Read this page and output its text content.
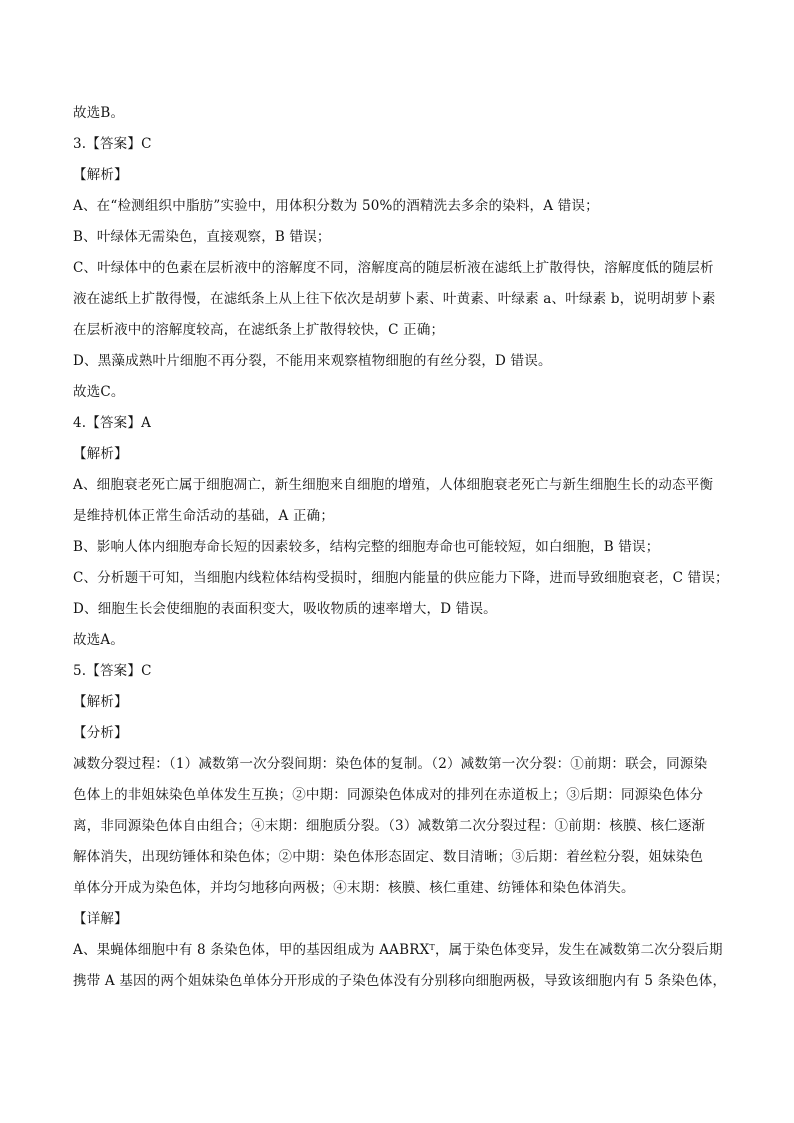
故选B。
3.【答案】C
【解析】
A、在“检测组织中脂肪”实验中，用体积分数为 50%的酒精洗去多余的染料，A 错误；
B、叶绿体无需染色，直接观察，B 错误；
C、叶绿体中的色素在层析液中的溶解度不同，溶解度高的随层析液在滤纸上扩散得快，溶解度低的随层析
液在滤纸上扩散得慢，在滤纸条上从上往下依次是胡萝卜素、叶黄素、叶绿素 a、叶绿素 b，说明胡萝卜素
在层析液中的溶解度较高，在滤纸条上扩散得较快，C 正确；
D、黑藻成熟叶片细胞不再分裂，不能用来观察植物细胞的有丝分裂，D 错误。
故选C。
4.【答案】A
【解析】
A、细胞衰老死亡属于细胞凋亡，新生细胞来自细胞的增殖，人体细胞衰老死亡与新生细胞生长的动态平衡
是维持机体正常生命活动的基础，A 正确；
B、影响人体内细胞寿命长短的因素较多，结构完整的细胞寿命也可能较短，如白细胞，B 错误；
C、分析题干可知，当细胞内线粒体结构受损时，细胞内能量的供应能力下降，进而导致细胞衰老，C 错误；
D、细胞生长会使细胞的表面积变大，吸收物质的速率增大，D 错误。
故选A。
5.【答案】C
【解析】
【分析】
减数分裂过程：（1）减数第一次分裂间期：染色体的复制。（2）减数第一次分裂：①前期：联会，同源染
色体上的非姐妹染色单体发生互换；②中期：同源染色体成对的排列在赤道板上；③后期：同源染色体分
离，非同源染色体自由组合；④末期：细胞质分裂。（3）减数第二次分裂过程：①前期：核膜、核仁逐渐
解体消失，出现纺锤体和染色体；②中期：染色体形态固定、数目清晰；③后期：着丝粒分裂，姐妹染色
单体分开成为染色体，并均匀地移向两极；④末期：核膜、核仁重建、纺锤体和染色体消失。
【详解】
A、果蝇体细胞中有 8 条染色体，甲的基因组成为 $AABRX^T$，属于染色体变异，发生在减数第二次分裂后期
携带 A 基因的两个姐妹染色单体分开形成的子染色体没有分别移向细胞两极，导致该细胞内有 5 条染色体，
